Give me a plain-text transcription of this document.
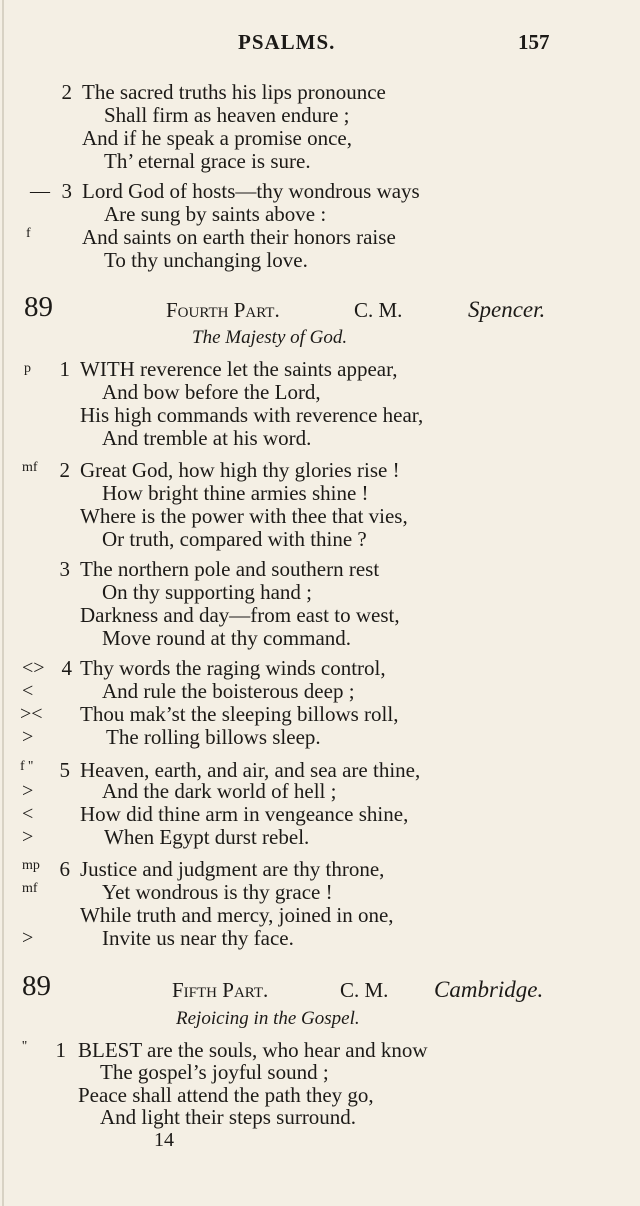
PSALMS.	157
2 The sacred truths his lips pronounce
Shall firm as heaven endure ;
And if he speak a promise once,
Th’ eternal grace is sure.
— 3 Lord God of hosts—thy wondrous ways
Are sung by saints above :
f And saints on earth their honors raise
To thy unchanging love.
89	Fourth Part.	C. M.	Spencer.
The Majesty of God.
p 1 WITH reverence let the saints appear,
And bow before the Lord,
His high commands with reverence hear,
And tremble at his word.
mf 2 Great God, how high thy glories rise !
How bright thine armies shine !
Where is the power with thee that vies,
Or truth, compared with thine ?
3 The northern pole and southern rest
On thy supporting hand ;
Darkness and day—from east to west,
Move round at thy command.
<> 4 Thy words the raging winds control,
<	And rule the boisterous deep ;
>< Thou mak’st the sleeping billows roll,
>	The rolling billows sleep.
f '' 5 Heaven, earth, and air, and sea are thine,
>	And the dark world of hell ;
< How did thine arm in vengeance shine,
>	When Egypt durst rebel.
mp 6 Justice and judgment are thy throne,
mf	Yet wondrous is thy grace !
While truth and mercy, joined in one,
>	Invite us near thy face.
89	Fifth Part.	C. M. Cambridge.
Rejoicing in the Gospel.
'' 1 BLEST are the souls, who hear and know
The gospel’s joyful sound ;
Peace shall attend the path they go,
And light their steps surround.
14
